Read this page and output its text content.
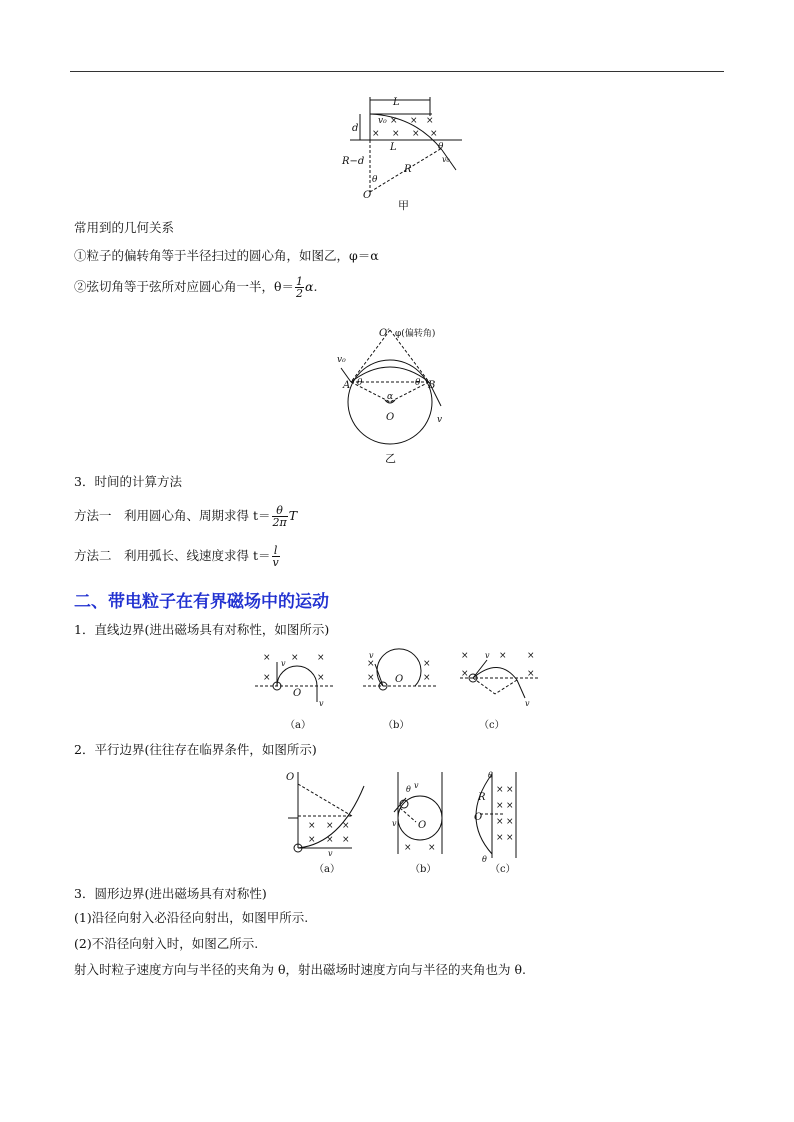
L
v₀ × × ×
× × × ×
d
L	θ
v₀
R−d
R
θ
O
甲
常用到的几何关系
①粒子的偏转角等于半径扫过的圆心角，如图乙，φ＝α
②弦切角等于弦所对应圆心角一半，$\theta= \frac{1}{2} \alpha$.
O′ φ(偏转角)
v₀
A θ	θ B
α
O	v
乙
3．时间的计算方法
方法一　利用圆心角、周期求得 $t= \frac{\theta}{2\pi}$ T
方法二　利用弧长、线速度求得 $t= \frac{l}{v}$
二、带电粒子在有界磁场中的运动
1．直线边界(进出磁场具有对称性，如图所示)
× × ×
×	×
v
O
v
×	×
×	×
O
v	×	× ×
×	×
v
v
（a）	（b）	（c）
2．平行边界(往往存在临界条件，如图所示)
O
× × ×
× × ×
v
θ v
v O
× ×
θ
R
O
θ
× ×
× ×
× ×
× ×
（a）	（b）	（c）
3．圆形边界(进出磁场具有对称性)
(1)沿径向射入必沿径向射出，如图甲所示.
(2)不沿径向射入时，如图乙所示.
射入时粒子速度方向与半径的夹角为 θ，射出磁场时速度方向与半径的夹角也为 θ.
